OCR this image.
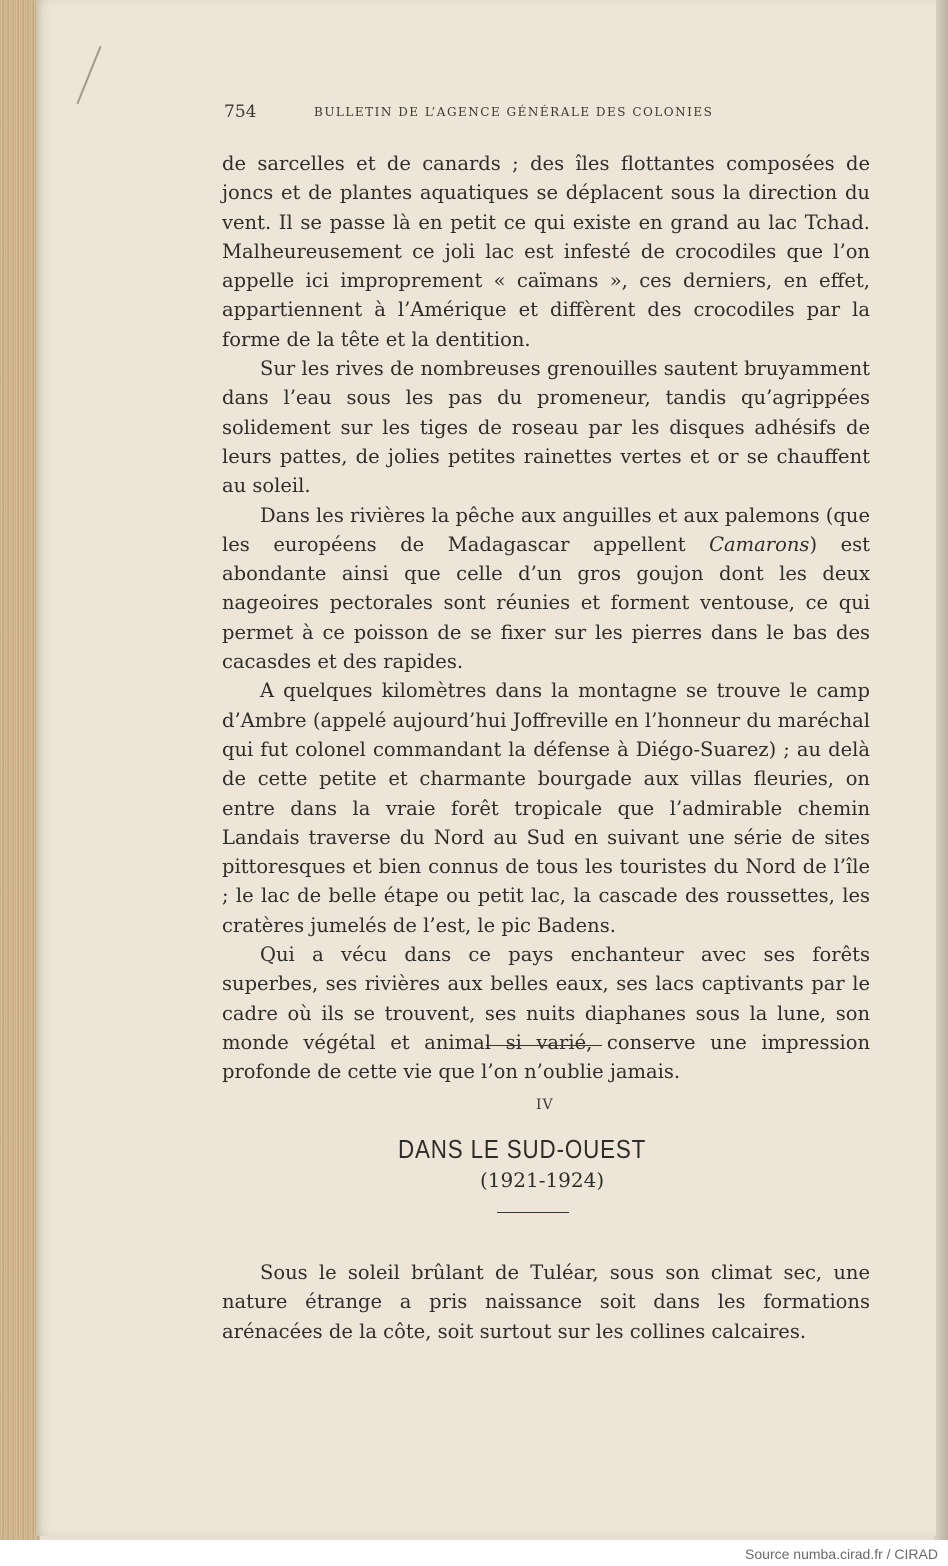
754	BULLETIN DE L’AGENCE GÉNÉRALE DES COLONIES

de sarcelles et de canards ; des îles flottantes composées de joncs et de plantes aquatiques se déplacent sous la direction du vent. Il se passe là en petit ce qui existe en grand au lac Tchad. Malheureusement ce joli lac est infesté de crocodiles que l’on appelle ici improprement « caïmans », ces derniers, en effet, appartiennent à l’Amérique et diffèrent des crocodiles par la forme de la tête et la dentition.

Sur les rives de nombreuses grenouilles sautent bruyamment dans l’eau sous les pas du promeneur, tandis qu’agrippées solidement sur les tiges de roseau par les disques adhésifs de leurs pattes, de jolies petites rainettes vertes et or se chauffent au soleil.

Dans les rivières la pêche aux anguilles et aux palemons (que les européens de Madagascar appellent Camarons) est abondante ainsi que celle d’un gros goujon dont les deux nageoires pectorales sont réunies et forment ventouse, ce qui permet à ce poisson de se fixer sur les pierres dans le bas des cacasdes et des rapides.

A quelques kilomètres dans la montagne se trouve le camp d’Ambre (appelé aujourd’hui Joffreville en l’honneur du maréchal qui fut colonel commandant la défense à Diégo-Suarez) ; au delà de cette petite et charmante bourgade aux villas fleuries, on entre dans la vraie forêt tropicale que l’admirable chemin Landais traverse du Nord au Sud en suivant une série de sites pittoresques et bien connus de tous les touristes du Nord de l’île ; le lac de belle étape ou petit lac, la cascade des roussettes, les cratères jumelés de l’est, le pic Badens.

Qui a vécu dans ce pays enchanteur avec ses forêts superbes, ses rivières aux belles eaux, ses lacs captivants par le cadre où ils se trouvent, ses nuits diaphanes sous la lune, son monde végétal et animal si varié, conserve une impression profonde de cette vie que l’on n’oublie jamais.

IV
DANS LE SUD-OUEST
(1921-1924)

Sous le soleil brûlant de Tuléar, sous son climat sec, une nature étrange a pris naissance soit dans les formations arénacées de la côte, soit surtout sur les collines calcaires.

Source numba.cirad.fr / CIRAD
